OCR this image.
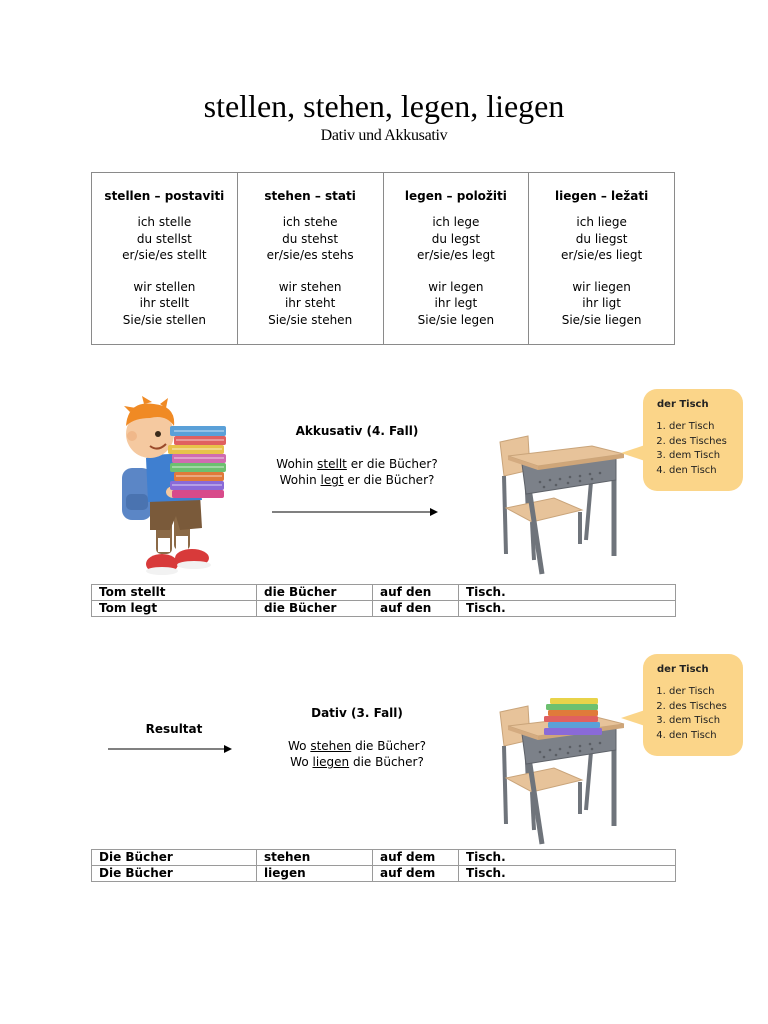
stellen, stehen, legen, liegen
Dativ und Akkusativ
stellen – postaviti
ich stelle
du stellst
er/sie/es stellt
wir stellen
ihr stellt
Sie/sie stellen
stehen – stati
ich stehe
du stehst
er/sie/es stehs
wir stehen
ihr steht
Sie/sie stehen
legen – položiti
ich lege
du legst
er/sie/es legt
wir legen
ihr legt
Sie/sie legen
liegen – ležati
ich liege
du liegst
er/sie/es liegt
wir liegen
ihr ligt
Sie/sie liegen
Akkusativ (4. Fall)
Wohin stellt er die Bücher?
Wohin legt er die Bücher?
der Tisch
1. der Tisch
2. des Tisches
3. dem Tisch
4. den Tisch
Tom stellt	die Bücher	auf den	Tisch.
Tom legt	die Bücher	auf den	Tisch.
Resultat
Dativ (3. Fall)
Wo stehen die Bücher?
Wo liegen die Bücher?
der Tisch
1. der Tisch
2. des Tisches
3. dem Tisch
4. den Tisch
Die Bücher	stehen	auf dem	Tisch.
Die Bücher	liegen	auf dem	Tisch.
